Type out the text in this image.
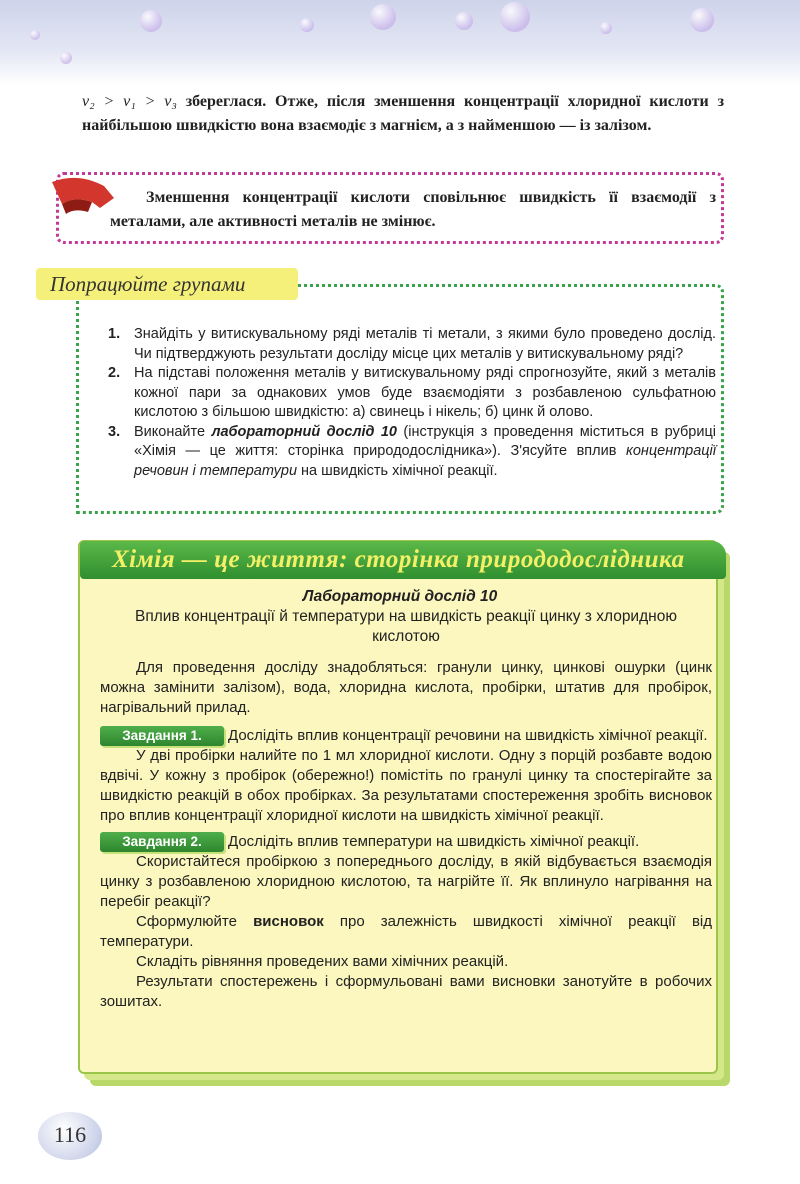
v₂ > v₁ > v₃ збереглася. Отже, після зменшення концентрації хлоридної кислоти з найбільшою швидкістю вона взаємодіє з магнієм, а з найменшою — із залізом.
Зменшення концентрації кислоти сповільнює швидкість її взаємодії з металами, але активності металів не змінює.
Попрацюйте групами
1. Знайдіть у витискувальному ряді металів ті метали, з якими було проведено дослід. Чи підтверджують результати досліду місце цих металів у витискувальному ряді?
2. На підставі положення металів у витискувальному ряді спрогнозуйте, який з металів кожної пари за однакових умов буде взаємодіяти з розбавленою сульфатною кислотою з більшою швидкістю: а) свинець і нікель; б) цинк й олово.
3. Виконайте лабораторний дослід 10 (інструкція з проведення міститься в рубриці «Хімія — це життя: сторінка природодослідника»). З'ясуйте вплив концентрації речовин і температури на швидкість хімічної реакції.
Хімія — це життя: сторінка природодослідника
Лабораторний дослід 10
Вплив концентрації й температури на швидкість реакції цинку з хлоридною кислотою

Для проведення досліду знадобляться: гранули цинку, цинкові ошурки (цинк можна замінити залізом), вода, хлоридна кислота, пробірки, штатив для пробірок, нагрівальний прилад.

Завдання 1. Дослідіть вплив концентрації речовини на швидкість хімічної реакції.

У дві пробірки налийте по 1 мл хлоридної кислоти. Одну з порцій розбавте водою вдвічі. У кожну з пробірок (обережно!) помістіть по гранулі цинку та спостерігайте за швидкістю реакцій в обох пробірках. За результатами спостереження зробіть висновок про вплив концентрації хлоридної кислоти на швидкість хімічної реакції.

Завдання 2. Дослідіть вплив температури на швидкість хімічної реакції.

Скористайтеся пробіркою з попереднього досліду, в якій відбувається взаємодія цинку з розбавленою хлоридною кислотою, та нагрійте її. Як вплинуло нагрівання на перебіг реакції?

Сформулюйте висновок про залежність швидкості хімічної реакції від температури.

Складіть рівняння проведених вами хімічних реакцій.

Результати спостережень і сформульовані вами висновки занотуйте в робочих зошитах.

116
